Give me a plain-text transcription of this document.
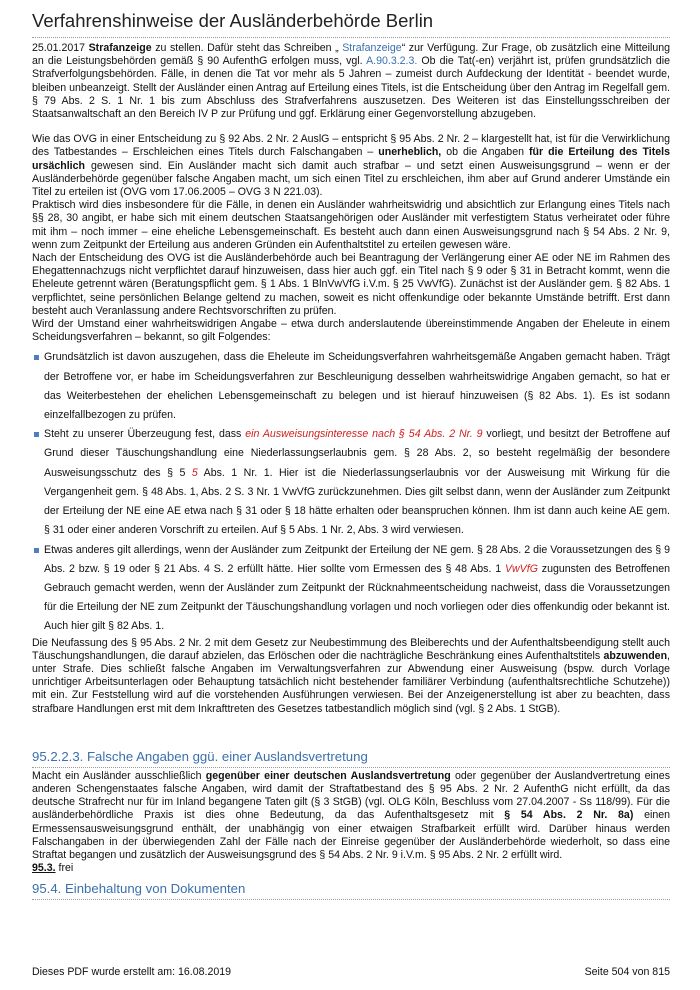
Verfahrenshinweise der Ausländerbehörde Berlin

25.01.2017 Strafanzeige zu stellen. Dafür steht das Schreiben „ Strafanzeige“ zur Verfügung. Zur Frage, ob zusätzlich eine Mitteilung an die Leistungsbehörden gemäß § 90 AufenthG erfolgen muss, vgl. A.90.3.2.3. Ob die Tat(-en) verjährt ist, prüfen grundsätzlich die Strafverfolgungsbehörden. Fälle, in denen die Tat vor mehr als 5 Jahren – zumeist durch Aufdeckung der Identität - beendet wurde, bleiben unbeanzeigt. Stellt der Ausländer einen Antrag auf Erteilung eines Titels, ist die Entscheidung über den Antrag im Regelfall gem. § 79 Abs. 2 S. 1 Nr. 1 bis zum Abschluss des Strafverfahrens auszusetzen. Des Weiteren ist das Einstellungsschreiben der Staatsanwaltschaft an den Bereich IV P zur Prüfung und ggf. Erklärung einer Gegenvorstellung abzugeben.

Wie das OVG in einer Entscheidung zu § 92 Abs. 2 Nr. 2 AuslG – entspricht § 95 Abs. 2 Nr. 2 – klargestellt hat, ist für die Verwirklichung des Tatbestandes – Erschleichen eines Titels durch Falschangaben – unerheblich, ob die Angaben für die Erteilung des Titels ursächlich gewesen sind. Ein Ausländer macht sich damit auch strafbar – und setzt einen Ausweisungsgrund – wenn er der Ausländerbehörde gegenüber falsche Angaben macht, um sich einen Titel zu erschleichen, ihm aber auf Grund anderer Umstände ein Titel zu erteilen ist (OVG vom 17.06.2005 – OVG 3 N 221.03).

Praktisch wird dies insbesondere für die Fälle, in denen ein Ausländer wahrheitswidrig und absichtlich zur Erlangung eines Titels nach §§ 28, 30 angibt, er habe sich mit einem deutschen Staatsangehörigen oder Ausländer mit verfestigtem Status verheiratet oder führe mit ihm – noch immer – eine eheliche Lebensgemeinschaft. Es besteht auch dann einen Ausweisungsgrund nach § 54 Abs. 2 Nr. 9, wenn zum Zeitpunkt der Erteilung aus anderen Gründen ein Aufenthaltstitel zu erteilen gewesen wäre.

Nach der Entscheidung des OVG ist die Ausländerbehörde auch bei Beantragung der Verlängerung einer AE oder NE im Rahmen des Ehegattennachzugs nicht verpflichtet darauf hinzuweisen, dass hier auch ggf. ein Titel nach § 9 oder § 31 in Betracht kommt, wenn die Eheleute getrennt wären (Beratungspflicht gem. § 1 Abs. 1 BlnVwVfG i.V.m. § 25 VwVfG). Zunächst ist der Ausländer gem. § 82 Abs. 1 verpflichtet, seine persönlichen Belange geltend zu machen, soweit es nicht offenkundige oder bekannte Umstände betrifft. Erst dann besteht auch Veranlassung andere Rechtsvorschriften zu prüfen.

Wird der Umstand einer wahrheitswidrigen Angabe – etwa durch anderslautende übereinstimmende Angaben der Eheleute in einem Scheidungsverfahren – bekannt, so gilt Folgendes:

Grundsätzlich ist davon auszugehen, dass die Eheleute im Scheidungsverfahren wahrheitsgemäße Angaben gemacht haben. Trägt der Betroffene vor, er habe im Scheidungsverfahren zur Beschleunigung desselben wahrheitswidrige Angaben gemacht, so hat er das Weiterbestehen der ehelichen Lebensgemeinschaft zu belegen und ist hierauf hinzuweisen (§ 82 Abs. 1). Es ist sodann einzelfallbezogen zu prüfen.

Steht zu unserer Überzeugung fest, dass ein Ausweisungsinteresse nach § 54 Abs. 2 Nr. 9 vorliegt, und besitzt der Betroffene auf Grund dieser Täuschungshandlung eine Niederlassungserlaubnis gem. § 28 Abs. 2, so besteht regelmäßig der besondere Ausweisungsschutz des § 5 5 Abs. 1 Nr. 1. Hier ist die Niederlassungserlaubnis vor der Ausweisung mit Wirkung für die Vergangenheit gem. § 48 Abs. 1, Abs. 2 S. 3 Nr. 1 VwVfG zurückzunehmen. Dies gilt selbst dann, wenn der Ausländer zum Zeitpunkt der Erteilung der NE eine AE etwa nach § 31 oder § 18 hätte erhalten oder beanspruchen können. Ihm ist dann auch keine AE gem. § 31 oder einer anderen Vorschrift zu erteilen. Auf § 5 Abs. 1 Nr. 2, Abs. 3 wird verwiesen.

Etwas anderes gilt allerdings, wenn der Ausländer zum Zeitpunkt der Erteilung der NE gem. § 28 Abs. 2 die Voraussetzungen des § 9 Abs. 2 bzw. § 19 oder § 21 Abs. 4 S. 2 erfüllt hätte. Hier sollte vom Ermessen des § 48 Abs. 1 VwVfG zugunsten des Betroffenen Gebrauch gemacht werden, wenn der Ausländer zum Zeitpunkt der Rücknahmeentscheidung nachweist, dass die Voraussetzungen für die Erteilung der NE zum Zeitpunkt der Täuschungshandlung vorlagen und noch vorliegen oder dies offenkundig oder bekannt ist. Auch hier gilt § 82 Abs. 1.

Die Neufassung des § 95 Abs. 2 Nr. 2 mit dem Gesetz zur Neubestimmung des Bleiberechts und der Aufenthaltsbeendigung stellt auch Täuschungshandlungen, die darauf abzielen, das Erlöschen oder die nachträgliche Beschränkung eines Aufenthaltstitels abzuwenden, unter Strafe. Dies schließt falsche Angaben im Verwaltungsverfahren zur Abwendung einer Ausweisung (bspw. durch Vorlage unrichtiger Arbeitsunterlagen oder Behauptung tatsächlich nicht bestehender familiärer Verbindung (aufenthaltsrechtliche Schutzehe)) mit ein. Zur Feststellung wird auf die vorstehenden Ausführungen verwiesen. Bei der Anzeigenerstellung ist aber zu beachten, dass strafbare Handlungen erst mit dem Inkrafttreten des Gesetzes tatbestandlich möglich sind (vgl. § 2 Abs. 1 StGB).

95.2.2.3. Falsche Angaben ggü. einer Auslandsvertretung

Macht ein Ausländer ausschließlich gegenüber einer deutschen Auslandsvertretung oder gegenüber der Auslandvertretung eines anderen Schengenstaates falsche Angaben, wird damit der Straftatbestand des § 95 Abs. 2 Nr. 2 AufenthG nicht erfüllt, da das deutsche Strafrecht nur für im Inland begangene Taten gilt (§ 3 StGB) (vgl. OLG Köln, Beschluss vom 27.04.2007 - Ss 118/99). Für die ausländerbehördliche Praxis ist dies ohne Bedeutung, da das Aufenthaltsgesetz mit § 54 Abs. 2 Nr. 8a) einen Ermessensausweisungsgrund enthält, der unabhängig von einer etwaigen Strafbarkeit erfüllt wird. Darüber hinaus werden Falschangaben in der überwiegenden Zahl der Fälle nach der Einreise gegenüber der Ausländerbehörde wiederholt, so dass eine Straftat begangen und zusätzlich der Ausweisungsgrund des § 54 Abs. 2 Nr. 9 i.V.m. § 95 Abs. 2 Nr. 2 erfüllt wird.

95.3. frei

95.4. Einbehaltung von Dokumenten

Dieses PDF wurde erstellt am: 16.08.2019	Seite 504 von 815
